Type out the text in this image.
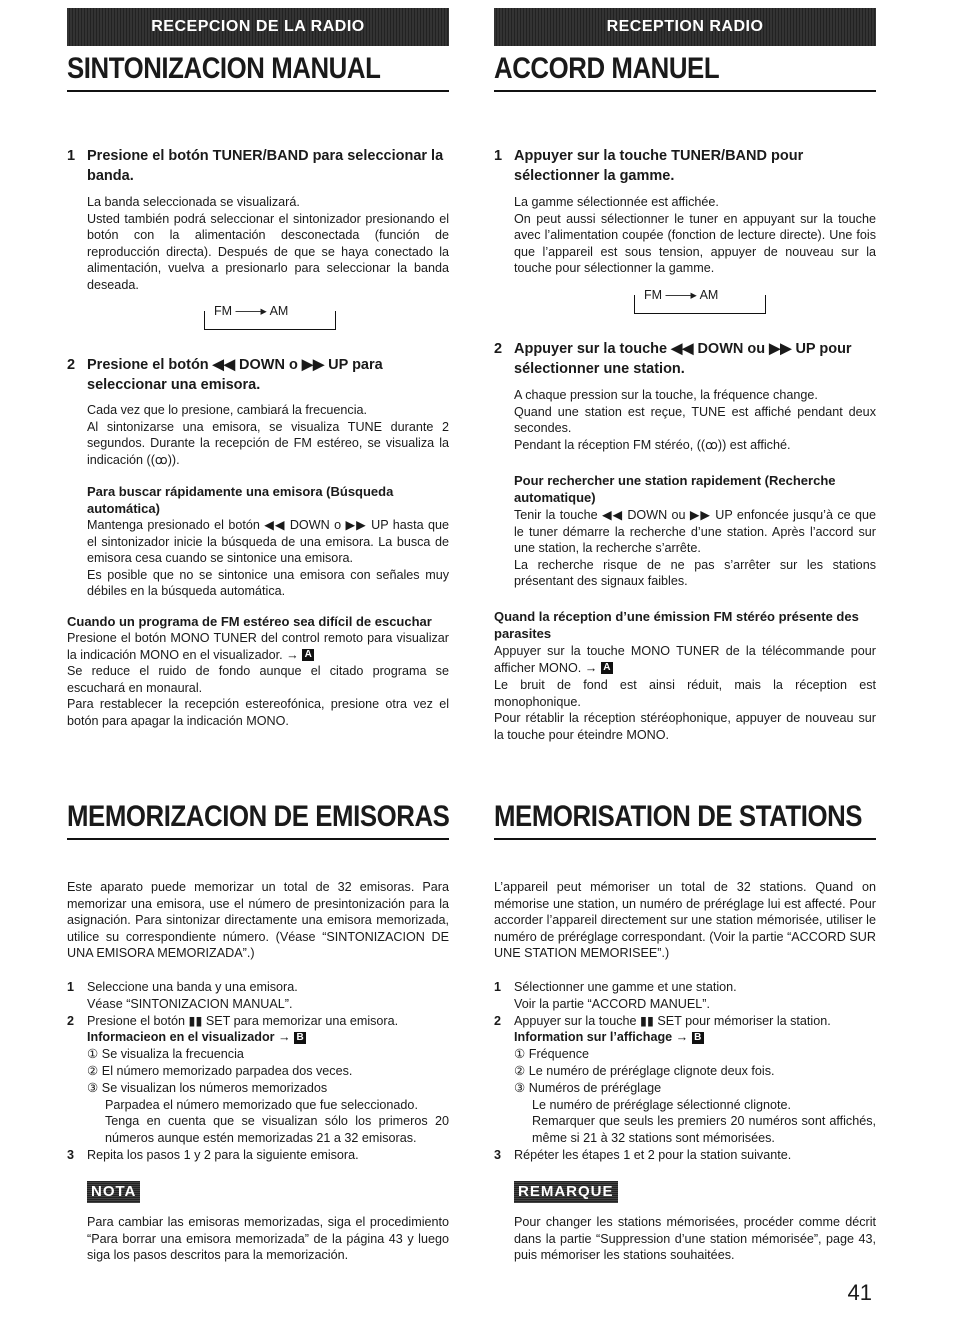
RECEPCION DE LA RADIO
SINTONIZACION MANUAL
1 Presione el botón TUNER/BAND para seleccionar la banda.
La banda seleccionada se visualizará.
Usted también podrá seleccionar el sintonizador presionando el botón con la alimentación desconectada (función de reproducción directa). Después de que se haya conectado la alimentación, vuelva a presionarlo para seleccionar la banda deseada.
FM ——▸ AM
2 Presione el botón ◀◀ DOWN o ▶▶ UP para seleccionar una emisora.
Cada vez que lo presione, cambiará la frecuencia.
Al sintonizarse una emisora, se visualiza TUNE durante 2 segundos. Durante la recepción de FM estéreo, se visualiza la indicación ((ꝏ)).
Para buscar rápidamente una emisora (Búsqueda automática)
Mantenga presionado el botón ◀◀ DOWN o ▶▶ UP hasta que el sintonizador inicie la búsqueda de una emisora. La busca de emisora cesa cuando se sintonice una emisora.
Es posible que no se sintonice una emisora con señales muy débiles en la búsqueda automática.
Cuando un programa de FM estéreo sea difícil de escuchar
Presione el botón MONO TUNER del control remoto para visualizar la indicación MONO en el visualizador. → A
Se reduce el ruido de fondo aunque el citado programa se escuchará en monaural.
Para restablecer la recepción estereofónica, presione otra vez el botón para apagar la indicación MONO.
MEMORIZACION DE EMISORAS
Este aparato puede memorizar un total de 32 emisoras. Para memorizar una emisora, use el número de presintonización para la asignación. Para sintonizar directamente una emisora memorizada, utilice su correspondiente número. (Véase “SINTONIZACION DE UNA EMISORA MEMORIZADA”.)
1 Seleccione una banda y una emisora.
Véase “SINTONIZACION MANUAL”.
2 Presione el botón ▮▮ SET para memorizar una emisora.
Informacieon en el visualizador → B
① Se visualiza la frecuencia
② El número memorizado parpadea dos veces.
③ Se visualizan los números memorizados
Parpadea el número memorizado que fue seleccionado.
Tenga en cuenta que se visualizan sólo los primeros 20 números aunque estén memorizadas 21 a 32 emisoras.
3 Repita los pasos 1 y 2 para la siguiente emisora.
NOTA
Para cambiar las emisoras memorizadas, siga el procedimiento “Para borrar una emisora memorizada” de la página 43 y luego siga los pasos descritos para la memorización.
RECEPTION RADIO
ACCORD MANUEL
1 Appuyer sur la touche TUNER/BAND pour sélectionner la gamme.
La gamme sélectionnée est affichée.
On peut aussi sélectionner le tuner en appuyant sur la touche avec l’alimentation coupée (fonction de lecture directe). Une fois que l’appareil est sous tension, appuyer de nouveau sur la touche pour sélectionner la gamme.
FM ——▸ AM
2 Appuyer sur la touche ◀◀ DOWN ou ▶▶ UP pour sélectionner une station.
A chaque pression sur la touche, la fréquence change.
Quand une station est reçue, TUNE est affiché pendant deux secondes.
Pendant la réception FM stéréo, ((ꝏ)) est affiché.
Pour rechercher une station rapidement (Recherche automatique)
Tenir la touche ◀◀ DOWN ou ▶▶ UP enfoncée jusqu’à ce que le tuner démarre la recherche d’une station. Après l’accord sur une station, la recherche s’arrête.
La recherche risque de ne pas s’arrêter sur les stations présentant des signaux faibles.
Quand la réception d’une émission FM stéréo présente des parasites
Appuyer sur la touche MONO TUNER de la télécommande pour afficher MONO. → A
Le bruit de fond est ainsi réduit, mais la réception est monophonique.
Pour rétablir la réception stéréophonique, appuyer de nouveau sur la touche pour éteindre MONO.
MEMORISATION DE STATIONS
L’appareil peut mémoriser un total de 32 stations. Quand on mémorise une station, un numéro de préréglage lui est affecté. Pour accorder l’appareil directement sur une station mémorisée, utiliser le numéro de préréglage correspondant. (Voir la partie “ACCORD SUR UNE STATION MEMORISEE”.)
1 Sélectionner une gamme et une station.
Voir la partie “ACCORD MANUEL”.
2 Appuyer sur la touche ▮▮ SET pour mémoriser la station.
Information sur l’affichage → B
① Fréquence
② Le numéro de préréglage clignote deux fois.
③ Numéros de préréglage
Le numéro de préréglage sélectionné clignote.
Remarquer que seuls les premiers 20 numéros sont affichés, même si 21 à 32 stations sont mémorisées.
3 Répéter les étapes 1 et 2 pour la station suivante.
REMARQUE
Pour changer les stations mémorisées, procéder comme décrit dans la partie “Suppression d’une station mémorisée”, page 43, puis mémoriser les stations souhaitées.
41
